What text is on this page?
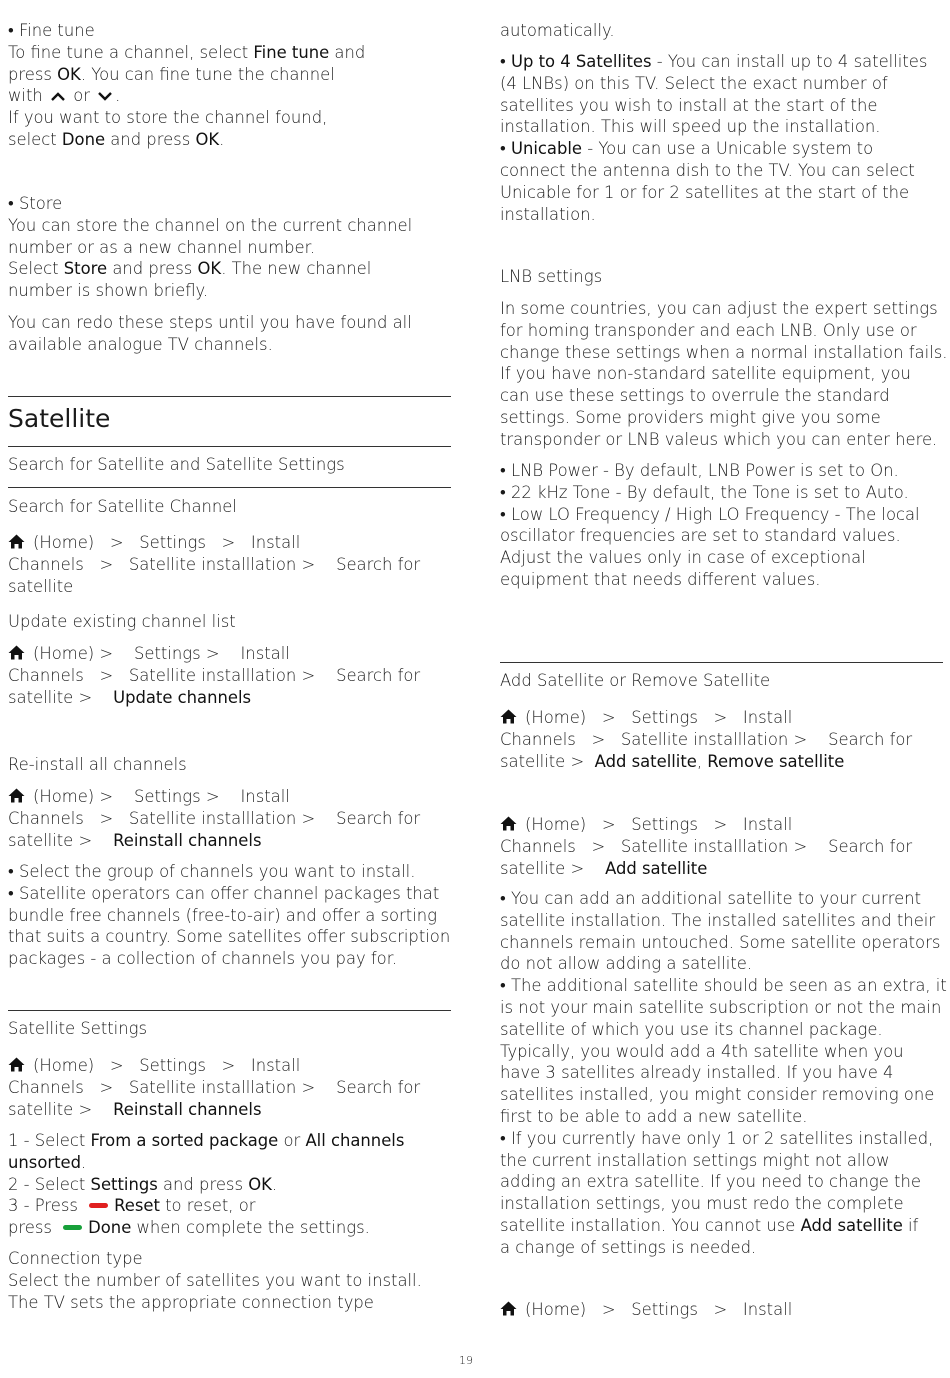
• Fine tune
To fine tune a channel, select Fine tune and
press OK. You can fine tune the channel
with  or .
If you want to store the channel found,
select Done and press OK.
• Store
You can store the channel on the current channel
number or as a new channel number.
Select Store and press OK. The new channel
number is shown briefly.
You can redo these steps until you have found all
available analogue TV channels.
Satellite
Search for Satellite and Satellite Settings
Search for Satellite Channel
(Home) > Settings > Install
Channels > Satellite installlation > Search for
satellite
Update existing channel list
(Home) > Settings > Install
Channels > Satellite installlation > Search for
satellite > Update channels
Re-install all channels
(Home) > Settings > Install
Channels > Satellite installlation > Search for
satellite > Reinstall channels
• Select the group of channels you want to install.
• Satellite operators can offer channel packages that
bundle free channels (free-to-air) and offer a sorting
that suits a country. Some satellites offer subscription
packages - a collection of channels you pay for.
Satellite Settings
(Home) > Settings > Install
Channels > Satellite installlation > Search for
satellite > Reinstall channels
1 - Select From a sorted package or All channels
unsorted.
2 - Select Settings and press OK.
3 - Press Reset to reset, or
press Done when complete the settings.
Connection type
Select the number of satellites you want to install.
The TV sets the appropriate connection type
automatically.
• Up to 4 Satellites - You can install up to 4 satellites
(4 LNBs) on this TV. Select the exact number of
satellites you wish to install at the start of the
installation. This will speed up the installation.
• Unicable - You can use a Unicable system to
connect the antenna dish to the TV. You can select
Unicable for 1 or for 2 satellites at the start of the
installation.
LNB settings
In some countries, you can adjust the expert settings
for homing transponder and each LNB. Only use or
change these settings when a normal installation fails.
If you have non-standard satellite equipment, you
can use these settings to overrule the standard
settings. Some providers might give you some
transponder or LNB valeus which you can enter here.
• LNB Power - By default, LNB Power is set to On.
• 22 kHz Tone - By default, the Tone is set to Auto.
• Low LO Frequency / High LO Frequency - The local
oscillator frequencies are set to standard values.
Adjust the values only in case of exceptional
equipment that needs different values.
Add Satellite or Remove Satellite
(Home) > Settings > Install
Channels > Satellite installlation > Search for
satellite > Add satellite, Remove satellite
(Home) > Settings > Install
Channels > Satellite installlation > Search for
satellite > Add satellite
• You can add an additional satellite to your current
satellite installation. The installed satellites and their
channels remain untouched. Some satellite operators
do not allow adding a satellite.
• The additional satellite should be seen as an extra, it
is not your main satellite subscription or not the main
satellite of which you use its channel package.
Typically, you would add a 4th satellite when you
have 3 satellites already installed. If you have 4
satellites installed, you might consider removing one
first to be able to add a new satellite.
• If you currently have only 1 or 2 satellites installed,
the current installation settings might not allow
adding an extra satellite. If you need to change the
installation settings, you must redo the complete
satellite installation. You cannot use Add satellite if
a change of settings is needed.
(Home) > Settings > Install
19
